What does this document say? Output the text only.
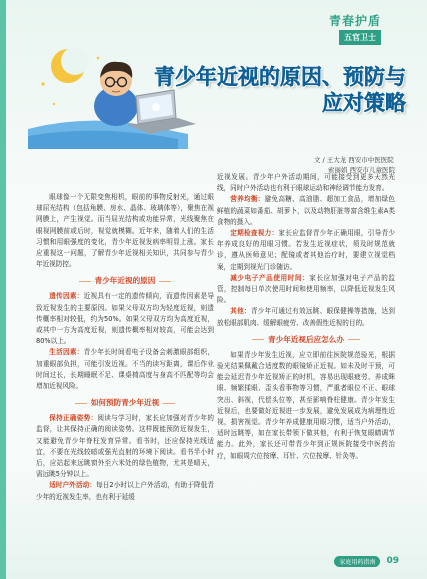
青春护盾
五官卫士
青少年近视的原因、预防与
应对策略
文 / 王大龙 西安市中医医院
索丽娟 西安市儿童医院

眼球像一个无限变焦相机，眼前的事物反射光，通过眼球屈光结构（包括角膜、房水、晶体、玻璃体等），聚焦在视网膜上，产生视觉。而当屈光结构或功能异常，光线聚焦在眼视网膜前或后时，视觉就模糊。近年来，随着人们的生活习惯和用眼强度的变化，青少年近视发病率明显上涨。家长应重视这一问题，了解青少年近视相关知识，共同参与青少年近视防控。

青少年近视的原因

遗传因素：近视具有一定的遗传倾向，而遗传因素是导致近视发生的主要原因。如果父母双方均为轻度近视，则遗传概率相对较低，约为50%。如果父母双方均为高度近视，或其中一方为高度近视，则遗传概率相对较高，可能会达到80%以上。

生活因素：青少年长时间看电子设备会刺激眼部组织，加重眼部负担，可能引发近视。不当的读写距离，课后作业时间过长，长期睡眠不足、课桌椅高度与身高不匹配等均会增加近视风险。

如何预防青少年近视

保持正确姿势：阅读与学习时，家长应加强对青少年的监督，让其保持正确的阅读姿势。这样既能预防近视发生，又能避免青少年脊柱发育异常。看书时，还应保持光线适宜，不要在光线较暗或强光直射的环境下阅读。看书半小时后，应站起来远眺窗外至六米处的绿色植物，尤其是晴天，需远眺5分钟以上。

适时户外活动：每日2小时以上户外活动，有助于降低青少年的近视发生率，也有利于延缓

近视发展。青少年户外活动期间，可能接受到更多天然光线，同时户外活动也有利于眼球运动和神经调节能力发育。

营养均衡：避免高糖、高油脂、超加工食品，增加绿色鲜植的蔬菜如番茄、胡萝卜，以及动物肝脏等富含维生素A类食物的摄入。

定期检查视力：家长应监督青少年正确用眼，引导青少年养成良好的用眼习惯。若发生近视症状，须及时规范就诊，遵从医师意见；配镜或者其他治疗时，要建立视觉档案，定期到视光门诊随访。

减少电子产品使用时间：家长应加强对电子产品的监管，控制每日单次使用时间和使用频率，以降低近视发生风险。

其他：青少年可通过有效远眺、眼保健操等措施，达到放松眼部肌肉、缓解眼疲劳、改善假性近视的目的。

青少年近视后应怎么办

如果青少年发生近视，应立即前往医院规范验光，根据验光结果佩戴合适度数的眼镜矫正近视。如未及时干预，可能会延迟青少年近视矫正的时机，容易出现眼疲劳、养成眯眼、频繁揉眼、歪头看事物等习惯，严重者眼位不正、眼球突出、斜视，代偿头位等，甚至影响脊柱健康。青少年发生近视后，也要做好近视进一步发展，避免发展成为病理性近视，损害视觉。青少年养成健康用眼习惯，适当户外活动，适时远眺等，如在家长带领下做其他，有利于恢复眼睛调节能力。此外，家长还可带青少年到正规医院接受中医药治疗，如眼周穴位按摩、耳针、穴位按摩、针灸等。

家庭用药指南	09
